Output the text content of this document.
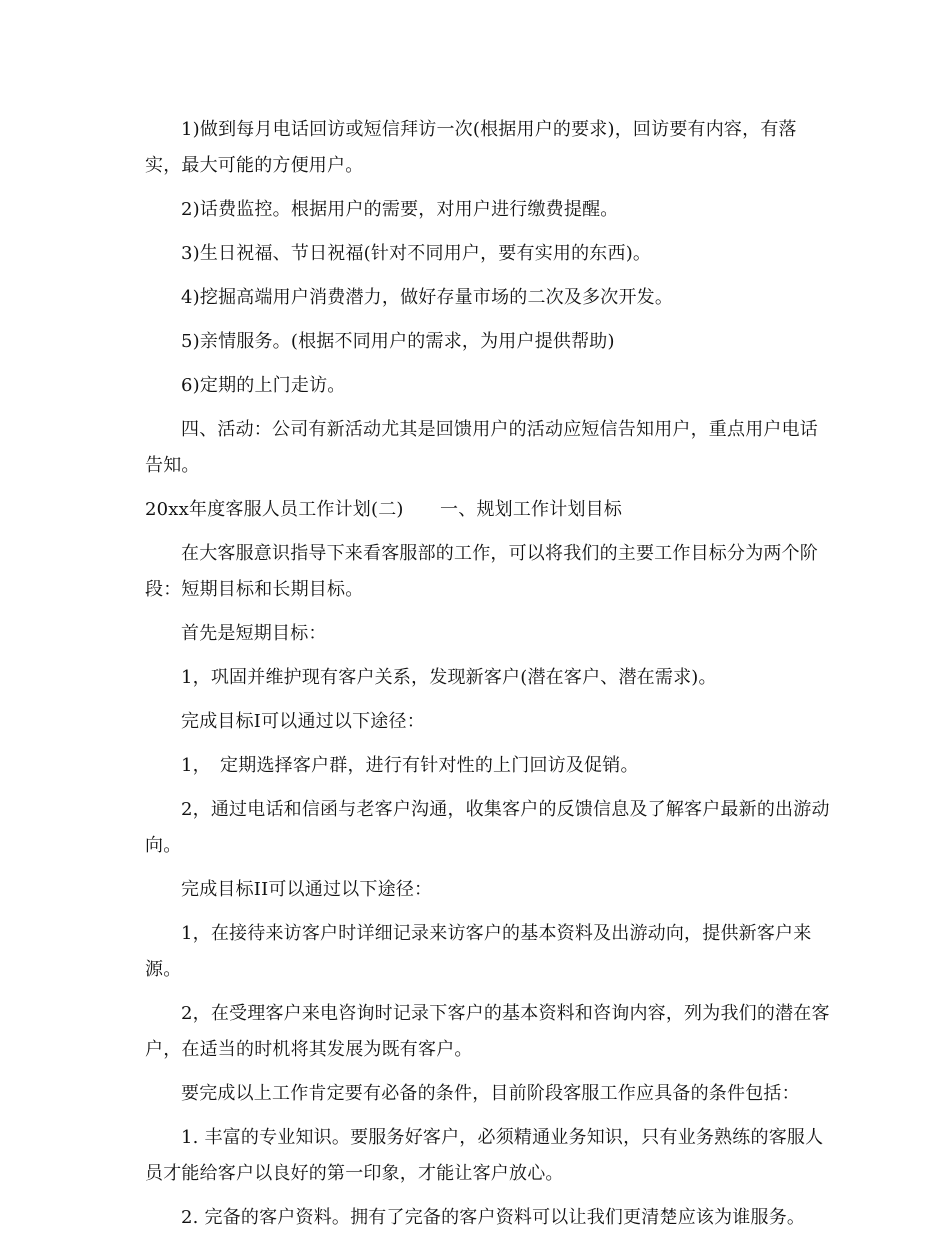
1)做到每月电话回访或短信拜访一次(根据用户的要求)，回访要有内容，有落实，最大可能的方便用户。

2)话费监控。根据用户的需要，对用户进行缴费提醒。

3)生日祝福、节日祝福(针对不同用户，要有实用的东西)。

4)挖掘高端用户消费潜力，做好存量市场的二次及多次开发。

5)亲情服务。(根据不同用户的需求，为用户提供帮助)

6)定期的上门走访。

四、活动：公司有新活动尤其是回馈用户的活动应短信告知用户，重点用户电话告知。

20xx年度客服人员工作计划(二)　　一、规划工作计划目标

在大客服意识指导下来看客服部的工作，可以将我们的主要工作目标分为两个阶段：短期目标和长期目标。

首先是短期目标：

1，巩固并维护现有客户关系，发现新客户(潜在客户、潜在需求)。

完成目标I可以通过以下途径：

1，　定期选择客户群，进行有针对性的上门回访及促销。

2，通过电话和信函与老客户沟通，收集客户的反馈信息及了解客户最新的出游动向。

完成目标II可以通过以下途径：

1，在接待来访客户时详细记录来访客户的基本资料及出游动向，提供新客户来源。

2，在受理客户来电咨询时记录下客户的基本资料和咨询内容，列为我们的潜在客户，在适当的时机将其发展为既有客户。

要完成以上工作肯定要有必备的条件，目前阶段客服工作应具备的条件包括：

1. 丰富的专业知识。要服务好客户，必须精通业务知识，只有业务熟练的客服人员才能给客户以良好的第一印象，才能让客户放心。

2. 完备的客户资料。拥有了完备的客户资料可以让我们更清楚应该为谁服务。
